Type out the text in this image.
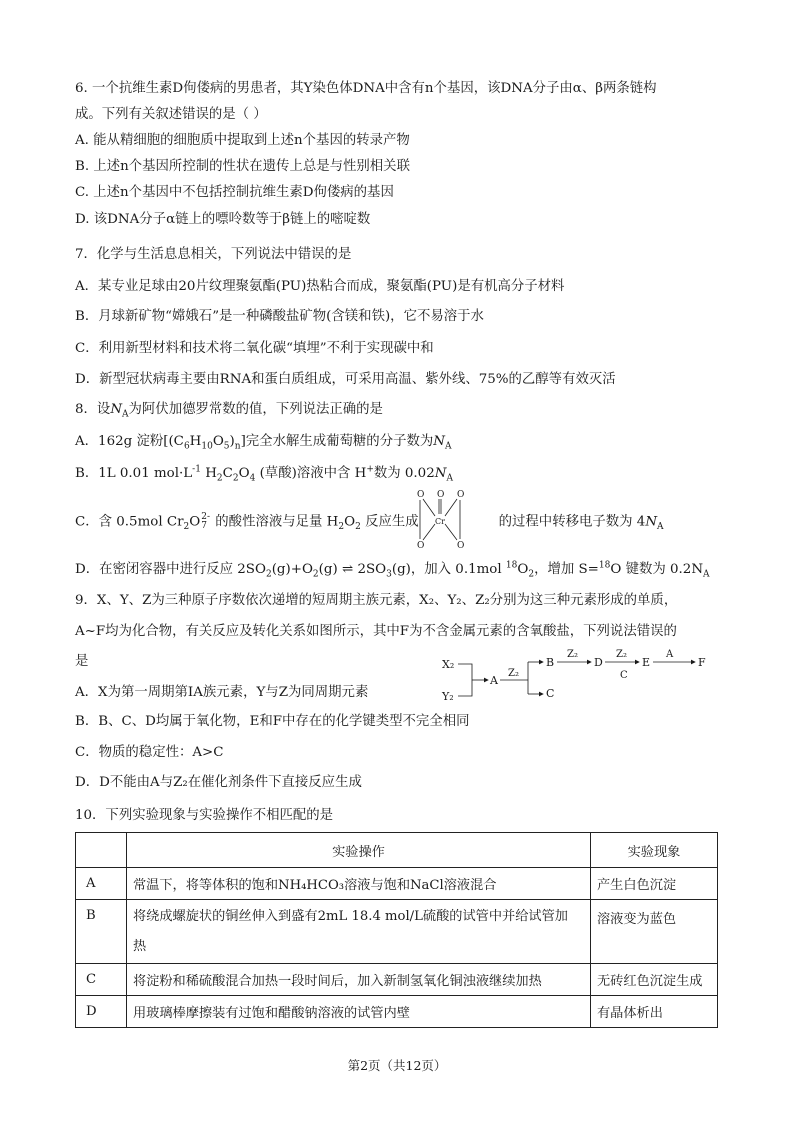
6. 一个抗维生素D佝偻病的男患者，其Y染色体DNA中含有n个基因，该DNA分子由α、β两条链构
成。下列有关叙述错误的是（ ）
A. 能从精细胞的细胞质中提取到上述n个基因的转录产物
B. 上述n个基因所控制的性状在遗传上总是与性别相关联
C. 上述n个基因中不包括控制抗维生素D佝偻病的基因
D. 该DNA分子α链上的嘌呤数等于β链上的嘧啶数
7．化学与生活息息相关，下列说法中错误的是
A．某专业足球由20片纹理聚氨酯(PU)热粘合而成，聚氨酯(PU)是有机高分子材料
B．月球新矿物“嫦娥石”是一种磷酸盐矿物(含镁和铁)，它不易溶于水
C．利用新型材料和技术将二氧化碳“填埋”不利于实现碳中和
D．新型冠状病毒主要由RNA和蛋白质组成，可采用高温、紫外线、75%的乙醇等有效灭活
8．设$N_A$为阿伏加德罗常数的值，下列说法正确的是
A．162g 淀粉$[(C_6H_{10}O_5)_n]$完全水解生成葡萄糖的分子数为$N_A$
B．1L 0.01 $mol\cdot L^{-1}$ $H_2C_2O_4$ (草酸)溶液中含 H+数为 $0.02N_A$
C．含 0.5mol $Cr_2O2-$
7 的酸性溶液与足量 $H_2O_2$ 反应生成	的过程中转移电子数为 $4N_A$
O O O
Cr
O	O
D．在密闭容器中进行反应 $2SO_2(g)+O_2(g)$ ⇌ $2SO_3(g)$，加入 0.1mol $^{18}O_2$，增加 S=$^{18}$O 键数为 $0.2N_A$
9．X、Y、Z为三种原子序数依次递增的短周期主族元素，X₂、Y₂、Z₂分别为这三种元素形成的单质，
A~F均为化合物，有关反应及转化关系如图所示，其中F为不含金属元素的含氧酸盐，下列说法错误的
是	X₂
Y₂
A
Z₂
B
C
Z₂
D
Z₂
C
E
A
F
A．X为第一周期第ⅠA族元素，Y与Z为同周期元素
B．B、C、D均属于氧化物，E和F中存在的化学键类型不完全相同
C．物质的稳定性：A>C
D．D不能由A与Z₂在催化剂条件下直接反应生成
10．下列实验现象与实验操作不相匹配的是
	实验操作	实验现象
A	常温下，将等体积的饱和NH₄HCO₃溶液与饱和NaCl溶液混合	产生白色沉淀
B	将绕成螺旋状的铜丝伸入到盛有2mL 18.4 mol/L硫酸的试管中并给试管加
热	溶液变为蓝色
C	将淀粉和稀硫酸混合加热一段时间后，加入新制氢氧化铜浊液继续加热	无砖红色沉淀生成
D	用玻璃棒摩擦装有过饱和醋酸钠溶液的试管内壁	有晶体析出
第2页（共12页）
